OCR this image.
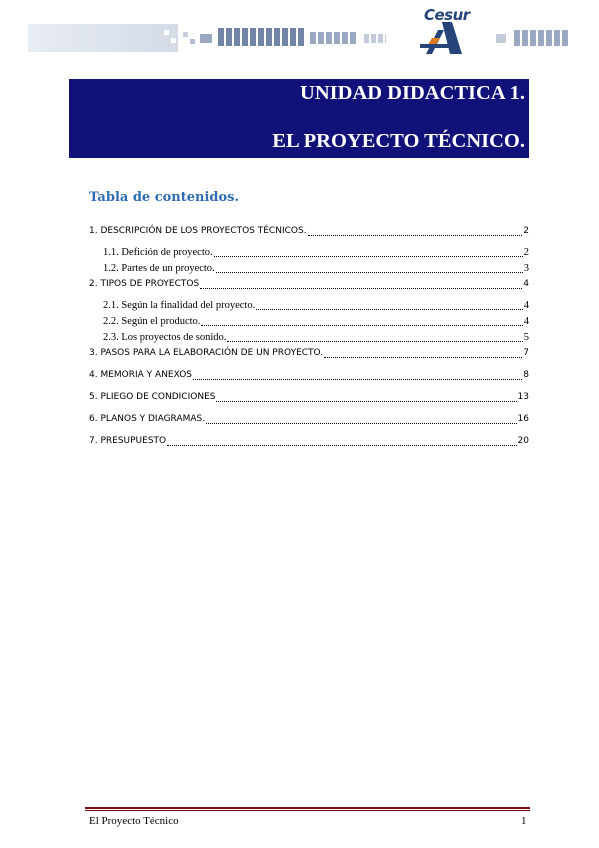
Cesur
UNIDAD DIDACTICA 1.
EL PROYECTO TÉCNICO.
Tabla de contenidos.
1. DESCRIPCIÓN DE LOS PROYECTOS TÉCNICOS.	2
1.1. Defición de proyecto.	2
1.2. Partes de un proyecto.	3
2. TIPOS DE PROYECTOS	4
2.1. Según la finalidad del proyecto.	4
2.2. Según el producto.	4
2.3. Los proyectos de sonido.	5
3. PASOS PARA LA ELABORACIÓN DE UN PROYECTO.	7
4. MEMORIA Y ANEXOS	8
5. PLIEGO DE CONDICIONES	13
6. PLANOS Y DIAGRAMAS.	16
7. PRESUPUESTO	20
El Proyecto Técnico	1
